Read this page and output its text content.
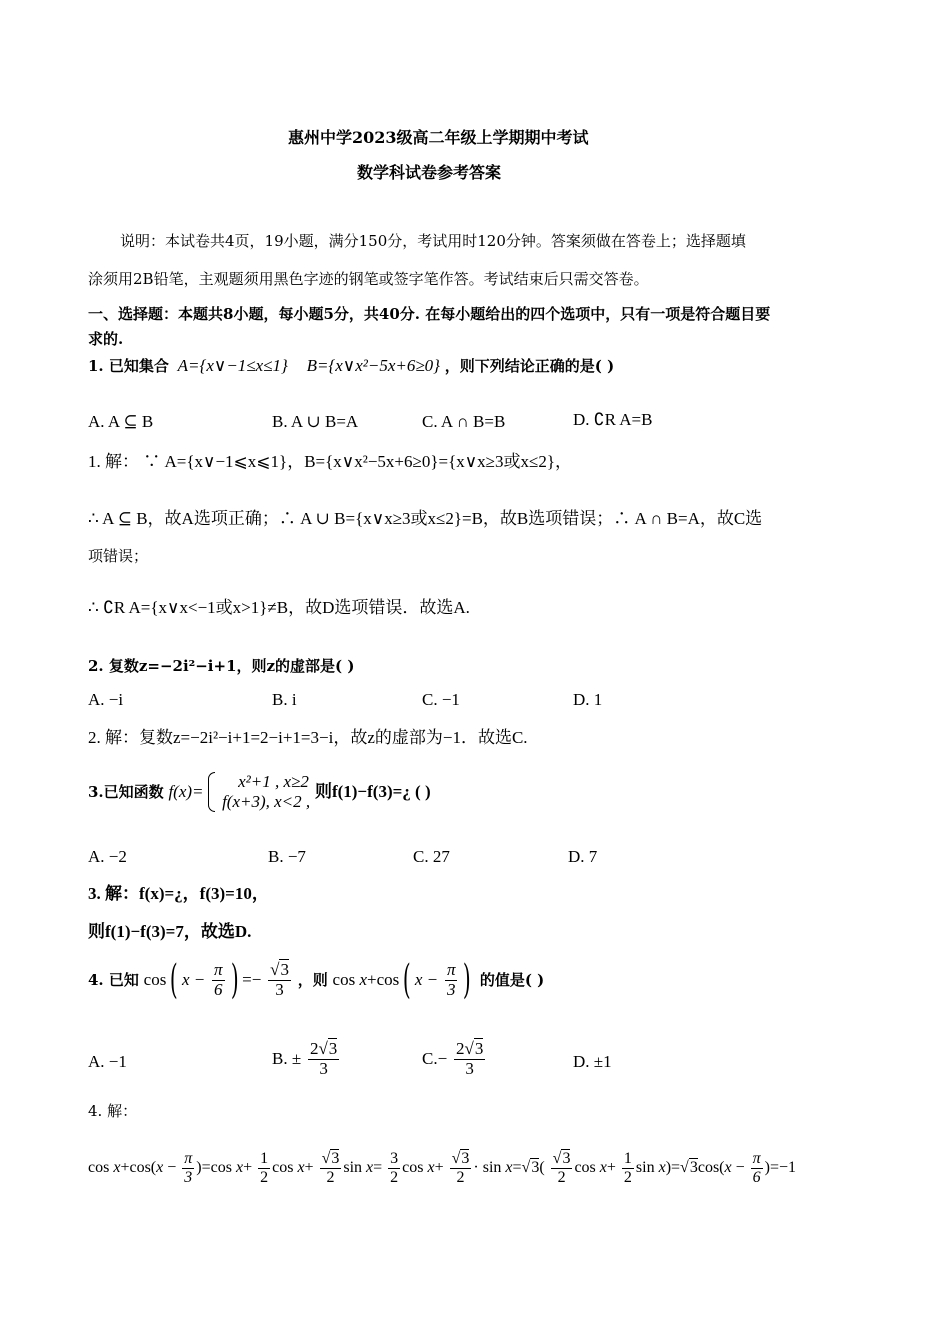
惠州中学2023级高二年级上学期期中考试
数学科试卷参考答案
说明：本试卷共4页，19小题，满分150分，考试用时120分钟。答案须做在答卷上；选择题填
涂须用2B铅笔，主观题须用黑色字迹的钢笔或签字笔作答。考试结束后只需交答卷。
一、选择题：本题共8小题，每小题5分，共40分. 在每小题给出的四个选项中，只有一项是符合题目要
求的.
1. 已知集合 A={x∨−1≤x≤1} B={x∨x²−5x+6≥0} ，则下列结论正确的是( )
A. A ⊆ B	B. A ∪ B=A	C. A ∩ B=B	D. ∁R A=B
1. 解： ∵ A={x∨−1⩽x⩽1}，B={x∨x²−5x+6≥0}={x∨x≥3或x≤2}，
∴ A ⊆ B，故A选项正确；∴ A ∪ B={x∨x≥3或x≤2}=B，故B选项错误；∴ A ∩ B=A，故C选
项错误；
∴ ∁R A={x∨x<−1或x>1}≠B，故D选项错误．故选A.
2. 复数z=−2i²−i+1，则z的虚部是( )
A. −i	B. i	C. −1	D. 1
2. 解：复数z=−2i²−i+1=2−i+1=3−i，故z的虚部为−1．故选C.
3.已知函数 f(x)=	x²+1 , x≥2
f(x+3), x<2 ,
则f(1)−f(3)=¿ ( )
A. −2	B. −7	C. 27	D. 7
3. 解：f(x)=¿，f(3)=10，
则f(1)−f(3)=7，故选D.
4. 已知 cos( $x - \frac{\pi}{6}$ ) =− $\frac{√3}{3}$ ，则 cos x+cos( $x - \frac{\pi}{3}$ ) 的值是( )
A. −1	B. ± $\frac{2√3}{3}$	$C.- \frac{2√3}{3}$	D. ±1
4. 解：
$\cos x+\cos(x - \frac{\pi}{3} )=\cos$ $x+ \frac{1}{2}$ $\cos x+ \frac{√3}{2}$ $\sin x= \frac{3}{2}$ $\cos x+ \frac{√3}{2} \cdot \sin x=√3( \frac{√3}{2}$ $\cos x+ \frac{1}{2}$ $\sin x)=√3\cos(x - \frac{\pi}{6} )=-1$
